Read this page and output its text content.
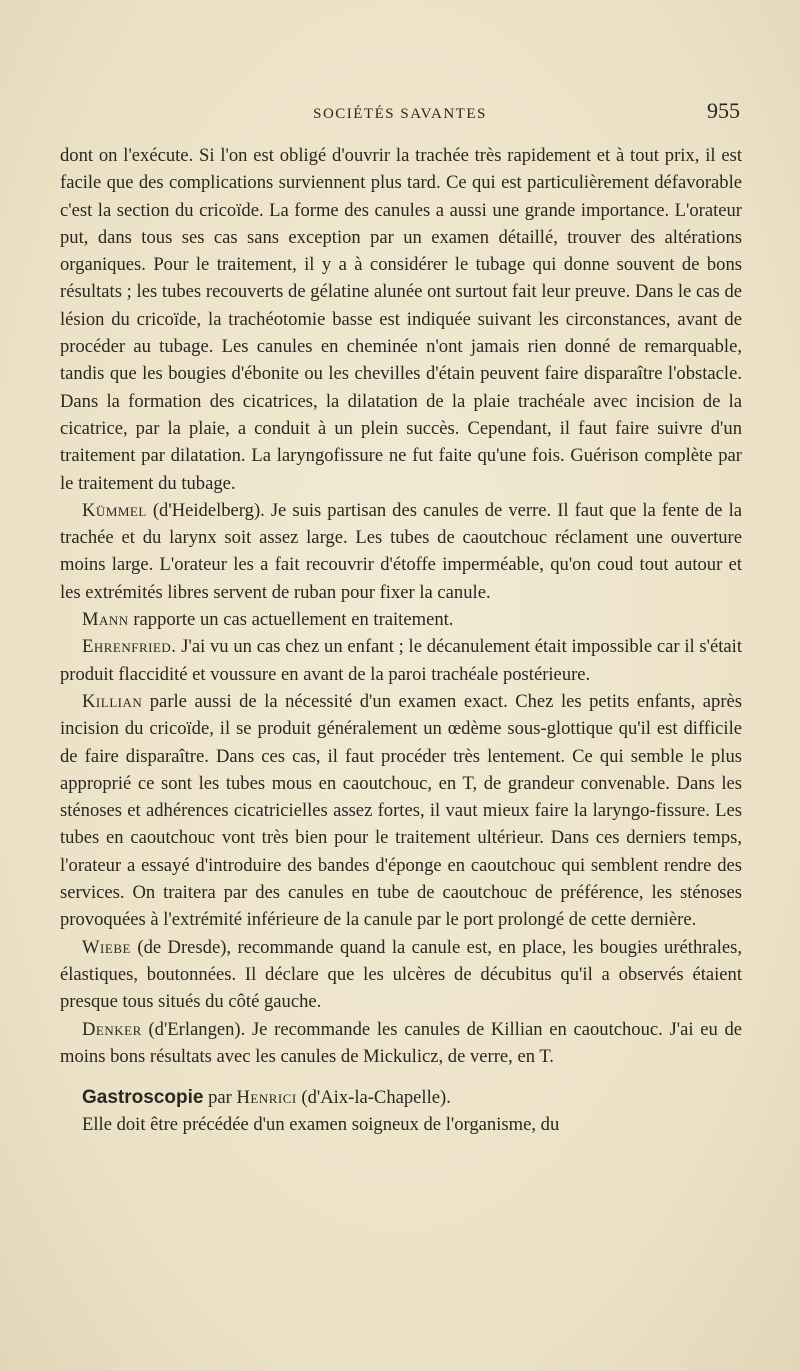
SOCIÉTÉS SAVANTES	955

dont on l'exécute. Si l'on est obligé d'ouvrir la trachée très rapidement et à tout prix, il est facile que des complications surviennent plus tard. Ce qui est particulièrement défavorable c'est la section du cricoïde. La forme des canules a aussi une grande importance. L'orateur put, dans tous ses cas sans exception par un examen détaillé, trouver des altérations organiques. Pour le traitement, il y a à considérer le tubage qui donne souvent de bons résultats ; les tubes recouverts de gélatine alunée ont surtout fait leur preuve. Dans le cas de lésion du cricoïde, la trachéotomie basse est indiquée suivant les circonstances, avant de procéder au tubage. Les canules en cheminée n'ont jamais rien donné de remarquable, tandis que les bougies d'ébonite ou les chevilles d'étain peuvent faire disparaître l'obstacle. Dans la formation des cicatrices, la dilatation de la plaie trachéale avec incision de la cicatrice, par la plaie, a conduit à un plein succès. Cependant, il faut faire suivre d'un traitement par dilatation. La laryngofissure ne fut faite qu'une fois. Guérison complète par le traitement du tubage.

Kümmel (d'Heidelberg). Je suis partisan des canules de verre. Il faut que la fente de la trachée et du larynx soit assez large. Les tubes de caoutchouc réclament une ouverture moins large. L'orateur les a fait recouvrir d'étoffe imperméable, qu'on coud tout autour et les extrémités libres servent de ruban pour fixer la canule.

Mann rapporte un cas actuellement en traitement.

Ehrenfried. J'ai vu un cas chez un enfant ; le décanulement était impossible car il s'était produit flaccidité et voussure en avant de la paroi trachéale postérieure.

Killian parle aussi de la nécessité d'un examen exact. Chez les petits enfants, après incision du cricoïde, il se produit généralement un œdème sous-glottique qu'il est difficile de faire disparaître. Dans ces cas, il faut procéder très lentement. Ce qui semble le plus approprié ce sont les tubes mous en caoutchouc, en T, de grandeur convenable. Dans les sténoses et adhérences cicatricielles assez fortes, il vaut mieux faire la laryngo-fissure. Les tubes en caoutchouc vont très bien pour le traitement ultérieur. Dans ces derniers temps, l'orateur a essayé d'introduire des bandes d'éponge en caoutchouc qui semblent rendre des services. On traitera par des canules en tube de caoutchouc de préférence, les sténoses provoquées à l'extrémité inférieure de la canule par le port prolongé de cette dernière.

Wiebe (de Dresde), recommande quand la canule est, en place, les bougies uréthrales, élastiques, boutonnées. Il déclare que les ulcères de décubitus qu'il a observés étaient presque tous situés du côté gauche.

Denker (d'Erlangen). Je recommande les canules de Killian en caoutchouc. J'ai eu de moins bons résultats avec les canules de Mickulicz, de verre, en T.

Gastroscopie par Henrici (d'Aix-la-Chapelle).

Elle doit être précédée d'un examen soigneux de l'organisme, du
